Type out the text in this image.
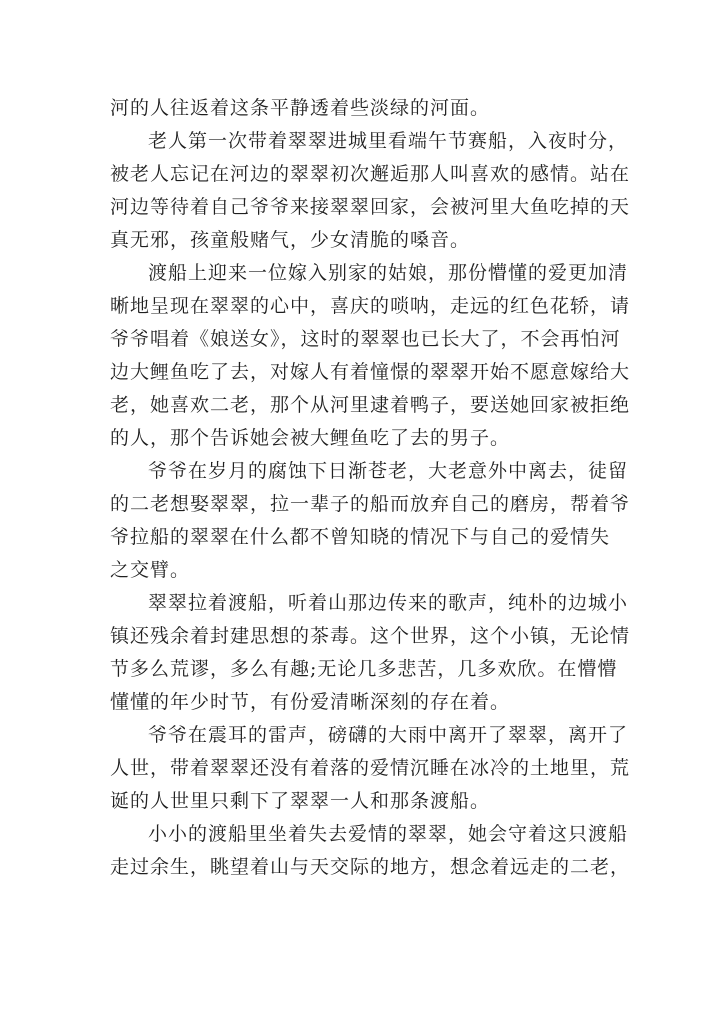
河的人往返着这条平静透着些淡绿的河面。
老人第一次带着翠翠进城里看端午节赛船，入夜时分，
被老人忘记在河边的翠翠初次邂逅那人叫喜欢的感情。站在
河边等待着自己爷爷来接翠翠回家，会被河里大鱼吃掉的天
真无邪，孩童般赌气，少女清脆的嗓音。
渡船上迎来一位嫁入别家的姑娘，那份懵懂的爱更加清
晰地呈现在翠翠的心中，喜庆的唢呐，走远的红色花轿，请
爷爷唱着《娘送女》，这时的翠翠也已长大了，不会再怕河
边大鲤鱼吃了去，对嫁人有着憧憬的翠翠开始不愿意嫁给大
老，她喜欢二老，那个从河里逮着鸭子，要送她回家被拒绝
的人，那个告诉她会被大鲤鱼吃了去的男子。
爷爷在岁月的腐蚀下日渐苍老，大老意外中离去，徒留
的二老想娶翠翠，拉一辈子的船而放弃自己的磨房，帮着爷
爷拉船的翠翠在什么都不曾知晓的情况下与自己的爱情失
之交臂。
翠翠拉着渡船，听着山那边传来的歌声，纯朴的边城小
镇还残余着封建思想的茶毒。这个世界，这个小镇，无论情
节多么荒谬，多么有趣;无论几多悲苦，几多欢欣。在懵懵
懂懂的年少时节，有份爱清晰深刻的存在着。
爷爷在震耳的雷声，磅礴的大雨中离开了翠翠，离开了
人世，带着翠翠还没有着落的爱情沉睡在冰冷的土地里，荒
诞的人世里只剩下了翠翠一人和那条渡船。
小小的渡船里坐着失去爱情的翠翠，她会守着这只渡船
走过余生，眺望着山与天交际的地方，想念着远走的二老，
